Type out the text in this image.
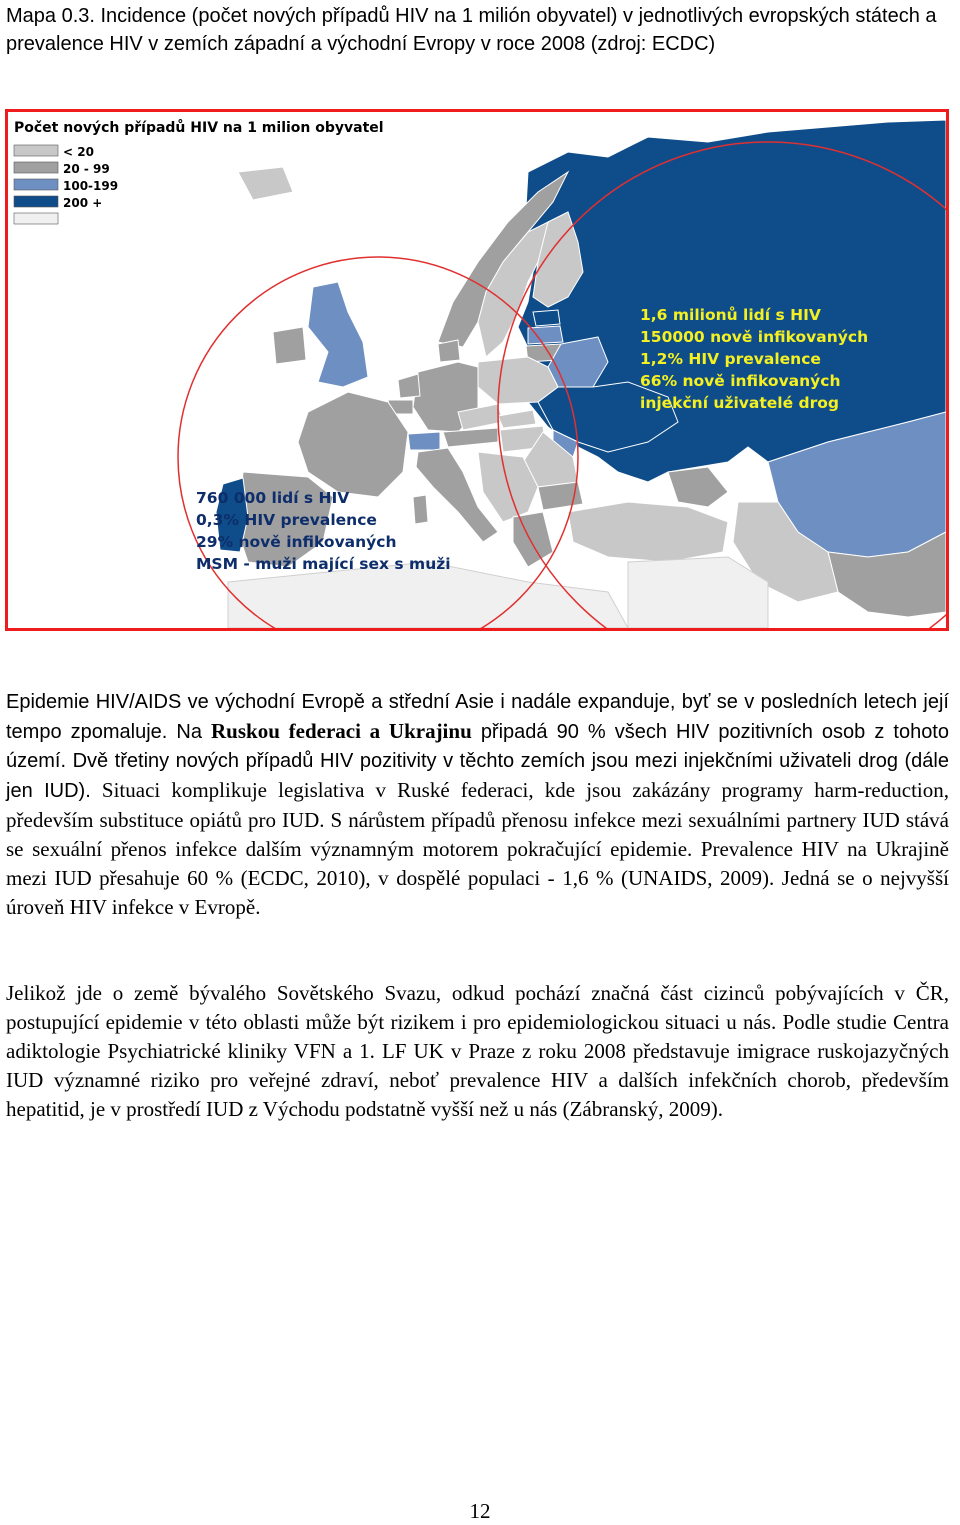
Mapa 0.3. Incidence (počet nových případů HIV na 1 milión obyvatel) v jednotlivých evropských státech a prevalence HIV v zemích západní a východní Evropy v roce 2008 (zdroj: ECDC)

Počet nových případů HIV na 1 milion obyvatel
< 20
20 - 99
100-199
200 +
1,6 milionů lidí s HIV
150000 nově infikovaných
1,2% HIV prevalence
66% nově infikovaných
injekční uživatelé drog
760 000 lidí s HIV
0,3% HIV prevalence
29% nově infikovaných
MSM - muži mající sex s muži

Epidemie HIV/AIDS ve východní Evropě a střední Asie i nadále expanduje, byť se v posledních letech její tempo zpomaluje. Na Ruskou federaci a Ukrajinu připadá 90 % všech HIV pozitivních osob z tohoto území. Dvě třetiny nových případů HIV pozitivity v těchto zemích jsou mezi injekčními uživateli drog (dále jen IUD). Situaci komplikuje legislativa v Ruské federaci, kde jsou zakázány programy harm-reduction, především substituce opiátů pro IUD. S nárůstem případů přenosu infekce mezi sexuálními partnery IUD stává se sexuální přenos infekce dalším významným motorem pokračující epidemie. Prevalence HIV na Ukrajině mezi IUD přesahuje 60 % (ECDC, 2010), v dospělé populaci - 1,6 % (UNAIDS, 2009). Jedná se o nejvyšší úroveň HIV infekce v Evropě.

Jelikož jde o země bývalého Sovětského Svazu, odkud pochází značná část cizinců pobývajících v ČR, postupující epidemie v této oblasti může být rizikem i pro epidemiologickou situaci u nás. Podle studie Centra adiktologie Psychiatrické kliniky VFN a 1. LF UK v Praze z roku 2008 představuje imigrace ruskojazyčných IUD významné riziko pro veřejné zdraví, neboť prevalence HIV a dalších infekčních chorob, především hepatitid, je v prostředí IUD z Východu podstatně vyšší než u nás (Zábranský, 2009).

12
